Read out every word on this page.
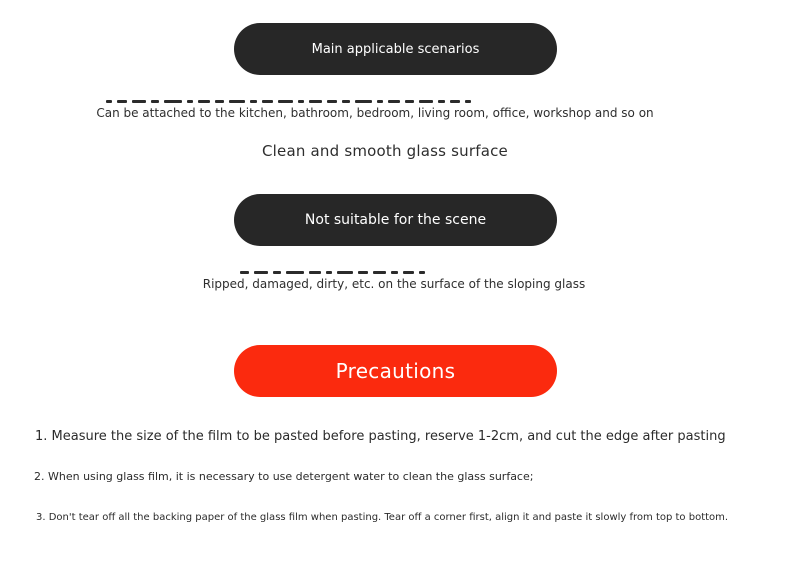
Main applicable scenarios
Can be attached to the kitchen, bathroom, bedroom, living room, office, workshop and so on
Clean and smooth glass surface
Not suitable for the scene
Ripped, damaged, dirty, etc. on the surface of the sloping glass
Precautions
1. Measure the size of the film to be pasted before pasting, reserve 1-2cm, and cut the edge after pasting
2. When using glass film, it is necessary to use detergent water to clean the glass surface;
3. Don't tear off all the backing paper of the glass film when pasting. Tear off a corner first, align it and paste it slowly from top to bottom.
